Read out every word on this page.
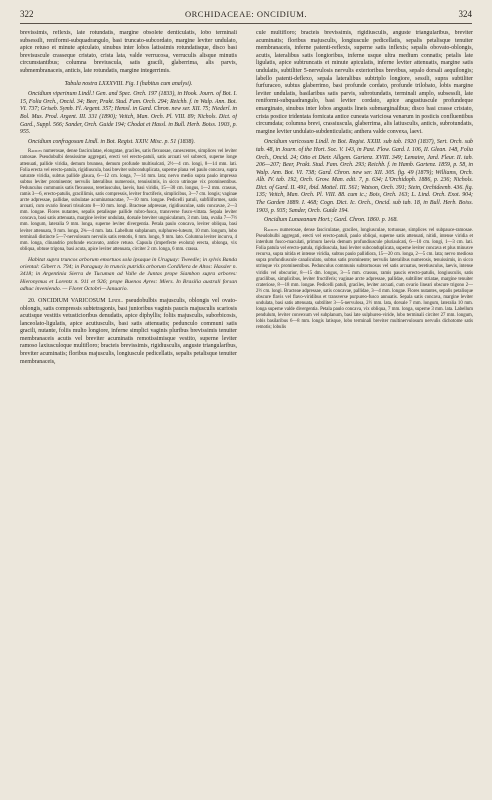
322	ORCHIDACEAE: ONCIDIUM.	324

brevissimis, reflexis, late rotundatis, margine obsolete denticulatis, lobo terminali subsessili, reniformi-subquadrangulo, basi truncato-subcordato, margine leviter undulato, apice retuso et minute apiculato, sinubus inter lobos latissimis rotundatisque, disco basi brevisuscule crasseque cristato, crista lata, valde verrucosa, verruculis alisque minutis circumstantibus; columna breviuscula, satis gracili, glaberrima, alis parvis, submembranaceis, anticis, late rotundatis, margine integerrimis.

Tabula nostra LXXXVIII. Fig. I (habitus cum analysi).

Oncidium viperinum Lindl.! Gen. and Spec. Orch. 197 (1833), in Hook. Journ. of Bot. I. 15, Folia Orch., Oncid. 34; Beer, Prakt. Stud. Fam. Orch. 294; Reichb. f. in Walp. Ann. Bot. VI. 737; Griseb. Symb. Fl. Argent. 357; Hemsl. in Gard. Chron. new ser. XII. 75; Niederl. in Bol. Mus. Prod. Argent. III. 331 (1890); Veitch, Man. Orch. Pl. VIII. 89; Nichols. Dict. of Gard., Suppl. 566; Sander, Orch. Guide 194; Chodat et Hassl. in Bull. Herb. Boiss. 1903, p. 955.

Oncidium confragosum Lindl. in Bot. Regist. XXIV. Misc. p. 51 (1838).

Radices numerosae, dense fasciculatae, elongatae, graciles, satis flexuosae, canescentes, simplices vel leviter ramosae. Pseudobulbi densissime aggregati, erecti vel erecto-patuli, satis arcuati vel subrecti, superne longe attenuati, pallide viridia, demum brunnea, demum profunde multisulcati, 2½—4 cm. longi, 8—14 mm. lati. Folia erecta vel erecto-patula, rigidiuscula, basi breviter subconduplicata, superne plana vel paulo concava, supra saturate viridia, subtus pallide glauca, 6—12 cm. longa, 7—14 mm. lata; nervo medio supra paulo impresso subtus leviter prominente; nervulis lateralibus numerosis, tenuissimis, in sicco utrinque vix prominentibus. Pedunculus communis satis flexuosus, teretiusculus, laevis, basi viridis, 15—30 cm. longus, 1—2 mm. crassus, ramis 3—6, erecto-patulis, gracillimis, satis compressis, leviter fructiferis, simplicibus, 3—7 cm. longis; vaginae arcte adpressae, pallidae, subulatae acuminatoacutae, 7—10 mm. longae. Pedicelli patuli, subfiliformes, satis arcuati, cum ovario lineari trisulcato 8—10 mm. longi. Bracteae adpressae, rigidiusculae, satis concavae, 2—3 mm. longae. Flores nutantes, sepalis petalisque pallide rubro-fusca, transverse fusco-vittata. Sepala leviter concava, basi satis attenuata, margine leviter undulata, dorsale breviter unguiculatum, 3 mm. lata, ovalia 7—7½ mm. longum, lateralia 9 mm. longa, superne leviter divergentia. Petala paulo concava, leviter obliqua, basi leviter attenuata, 9 mm. longa, 2¾—4 mm. lata. Labellum subplanum, sulphureo-luteum, 10 mm. longum, lobo terminali distincte 5—7-nervulosum nervulis satis remotis, 6 mm. longo, 9 mm. lato. Columna leviter incurva, 4 mm. longa, clinandrio profunde excavato, antice retuso. Capsula (imperfecte evoluta) erecta, oblonga, vix obliqua, obtuse trigona, basi acuta, apice leviter attenuata, circiter 2 cm. longa, 6 mm. crassa.

Habitat supra truncos arborum emortuos sola ipsaque in Uruguay: Tweedie; in sylvis Banda oriental: Gibert n. 794; in Paraguay in truncis putridis arborum Cordillera de Altos: Hassler n. 3418; in Argentinia Sierra de Tucuman ad Valle de Juntas prope Siambon supra arbores: Hieronymus et Lorentz n. 911 et 926; prope Buenos Ayres: Miers. In Brasilia australi forsan adhuc inveniendo. — Floret Octobri—Januario.

20. ONCIDIUM VARICOSUM Lindl. pseudobulbis majusculis, oblongis vel ovato-oblongis, satis compressis subtetragonis, basi junioribus vaginis paucis majusculis scariosis acutisque vestitis vetusticioribus denudatis, apice diphyllis; foliis majusculis, suborbicosis, lanceolato-ligulatis, apice acutiusculis, basi satis attenuatis; pedunculo communi satis gracili, nutante, foliis multo longiore, inferne simplici vaginis pluribus brevissimis tenuiter membranaceis acutis vel breviter acuminatis remotissimisque vestito, superne leviter ramoso laxiusculoque multifloro; bracteis brevissimis, rigidiusculis, anguste triangularibus, breviter acuminatis; floribus majusculis, longiuscule pedicellatis, sepalis petalisque tenuiter membranaceis,

cule multifloro; bracteis brevissimis, rigidiusculis, anguste triangularibus, breviter acuminatis; floribus majusculis, longiuscule pedicellatis, sepalis petalisque tenuiter membranaceis, inferne patenti-reflexis, superne satis inflexis; sepalis obovato-oblongis, acutis, lateralibus satis longioribus, inferne usque ultra medium connatis; petalis late ligulatis, apice subtruncatis et minute apiculatis, inferne leviter attenuatis, margine satis undulatis, subtiliter 5-nervulosis nervulis exterioribus brevibus, sepalo dorsali aequilongis; labello patenti-deflexo, sepala lateralibus subtriplo longiore, sessili, supra subtiliter furfuraceo, subtus glaberrimo, basi profunde cordato, profunde trilobato, lobis margine leviter undulatis, basilaribus satis parvis, subrotundatis, terminali amplo, subsessili, late reniformi-subquadrangulo, basi leviter cordato, apice angustiuscule profundeque emarginato, sinubus inter lobos angustis lineis submarginalibus; disco basi crasse cristato, crista postice tridentata fornicata antice cuneata variciosa venarum in posticis confluentibus circumdata; columna brevi, crassiuscula, glaberrima, alis latiusculis, anticis, subrotundatis, margine leviter undulato-subdenticulatis; anthera valde convexa, laevi.

Oncidium varicosum Lindl. in Bot. Regist. XXIII. sub tab. 1920 (1837), Sert. Orch. sub tab. 48, in Journ. of the Hort. Soc. V. 143, in Paxt. Flow. Gard. I. 106, II. Glean. 148, Folia Orch., Oncid. 24; Otto et Dietr. Allgem. Gartenz. XVIII. 349; Lemaire, Jard. Fleur. II. tab. 206—207; Beer, Prakt. Stud. Fam. Orch. 293; Reichb. f. in Hamb. Gartenz. 1859, p. 58, in Walp. Ann. Bot. VI. 738; Gard. Chron. new ser. XII. 305. fig. 49 (1879); Williams, Orch. Alb. IV. tab. 192, Orch. Grow. Man. edit. 7, p. 634; L'Orchidoph. 1886, p. 236; Nichols. Dict. of Gard. II. 491, ibid. Mottel. III. 561; Watson, Orch. 391; Stein, Orchideenb. 436. fig. 135; Veitch, Man. Orch. Pl. VIII. 88. cum ic.; Bois, Orch. 163; L. Lind. Orch. Exot. 904; The Garden 1889. I. 468; Cogn. Dict. Ic. Orch., Oncid. sub tab. 18, in Bull. Herb. Boiss. 1903, p. 935; Sander, Orch. Guide 194.

Oncidium Lunaeanum Hort.; Gard. Chron. 1860. p. 168.

Radices numerosae, dense fasciculatae, graciles, longiusculae, tortuosae, simplices vel subpauce-ramosae. Pseudobulbi aggregati, erecti vel erecto-patuli, paulo obliqui, superne satis attenuati, nitidi, intense viridia et interdum fusco-maculati, primum laevia demum profundiuscule pluriaulcati, 6—10 cm. longi, 1—3 cm. lati. Folia patula vel erecto-patula, rigidiuscula, basi leviter subconduplicata, superne leviter concava et plus minusve recurva, supra nitida et intense viridia, subtus paulo pallidiora, 15—20 cm. longa, 2—5 cm. lata; nervo medioso supra profundiuscule canaliculato, subtus satis prominente; nervulis lateralibus numerosis, tenuissimis, in sicco utrinque vix prominentibus. Pedunculus communis subtortuosus vel satis arcuatus, teretiusculus, laevis, intense viridis vel obscurior, 8—15 dm. longus, 3—5 mm. crassus, ramis paucis erecto-patulis, longiusculis, satis gracilibus, simplicibus, leviter fructiferis; vaginae arcte adpressae, pallidae, subtiliter striatae, margine tenuiter crateriose, 8—18 mm. longae. Pedicelli patuli, graciles, leviter arcuati, cum ovario lineari obscure trigono 2—2½ cm. longi. Bracteae adpressae, satis concavae, pallidae, 3—4 mm. longae. Flores nutantes, sepalis petalisque obscure flavis vel flavo-viridibus et transverse purpureo-fusco annuatis. Sepala satis concava, margine leviter undulata, basi satis attenuata, subtiliter 3—5-nervulosa, 2½ mm. lata, dorsale 7 mm. longum, lateralia 10 mm. longa superne valde divergentia. Petala paulo concava, vix obliqua, 7 mm. longa, superne 3 mm. lata. Labellum pendulum, leviter convexum vel subplanum, basi late sulphureo-viride, lobo terminali circiter 27 mm. longum, lobis basilaribus 6—8 mm. longis latisque, lobo terminali breviter multinervulosum nervulis dichotome satis remotis; lobulis
